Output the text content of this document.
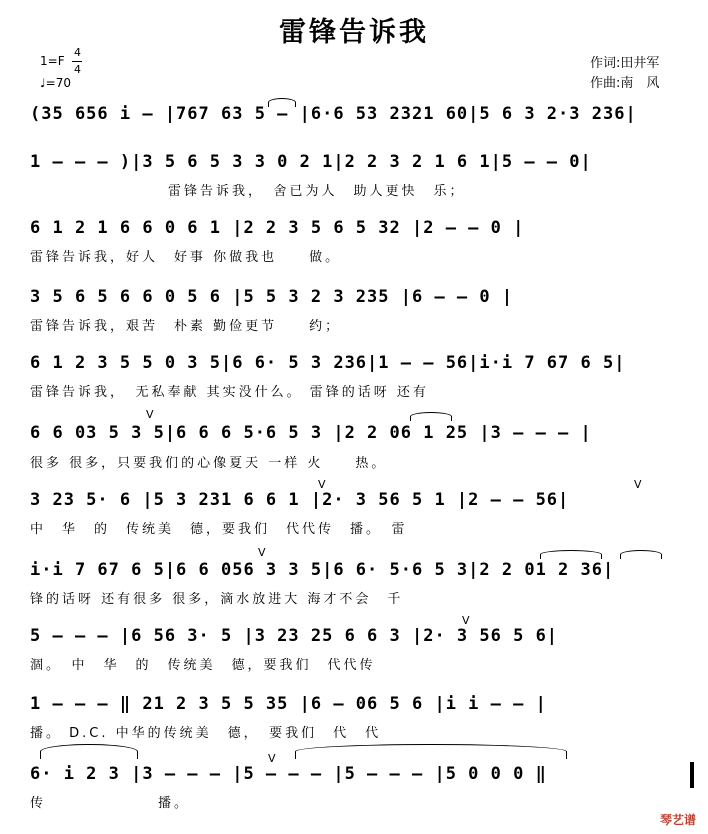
雷锋告诉我
1=F
4
4
♩=70
作词:田井军
作曲:南　风
(35 656 i – |767 63 5 – |6·6 53 2321 60|5 6 3 2·3 236|
1 – – – )|3 5 6 5 3 3 0 2 1|2 2 3 2 1 6 1|5 – – 0|
雷锋告诉我，　舍已为人　助人更快　乐；
6 1 2 1 6 6 0 6 1 |2 2 3 5 6 5 32 |2 – – 0 |
雷锋告诉我，好人　好事 你做我也　　做。
3 5 6 5 6 6 0 5 6 |5 5 3 2 3 235 |6 – – 0 |
雷锋告诉我，艰苦　朴素 勤俭更节　　约；
6 1 2 3 5 5 0 3 5|6 6· 5 3 236|1 – – 56|i·i 7 67 6 5|
雷锋告诉我，　无私奉献 其实没什么。 雷锋的话呀 还有
6 6 03 5 3 5|6 6 6 5·6 5 3 |2 2 06 1 25 |3 – – – |
很多 很多，只要我们的心像夏天 一样 火　　热。
3 23 5· 6 |5 3 231 6 6 1 |2· 3 56 5 1 |2 – – 56|
中　华　的　传统美　德，要我们　代代传　播。　雷
i·i 7 67 6 5|6 6 056 3 3 5|6 6· 5·6 5 3|2 2 01 2 36|
锋的话呀 还有很多 很多，滴水放进大 海才不会　千
5 – – – |6 56 3· 5 |3 23 25 6 6 3 |2· 3 56 5 6|
涸。　中　华　的　传统美　德，要我们　代代传
1 – – – ‖ 21 2 3 5 5 35 |6 – 06 5 6 |i i – – |
播。 D.C. 中华的传统美　德，　要我们　代　代
6· i 2 3 |3 – – – |5 – – – |5 – – – |5 0 0 0 ‖
传　　　　　　　播。
V
V	V
V
V
V
琴艺谱
